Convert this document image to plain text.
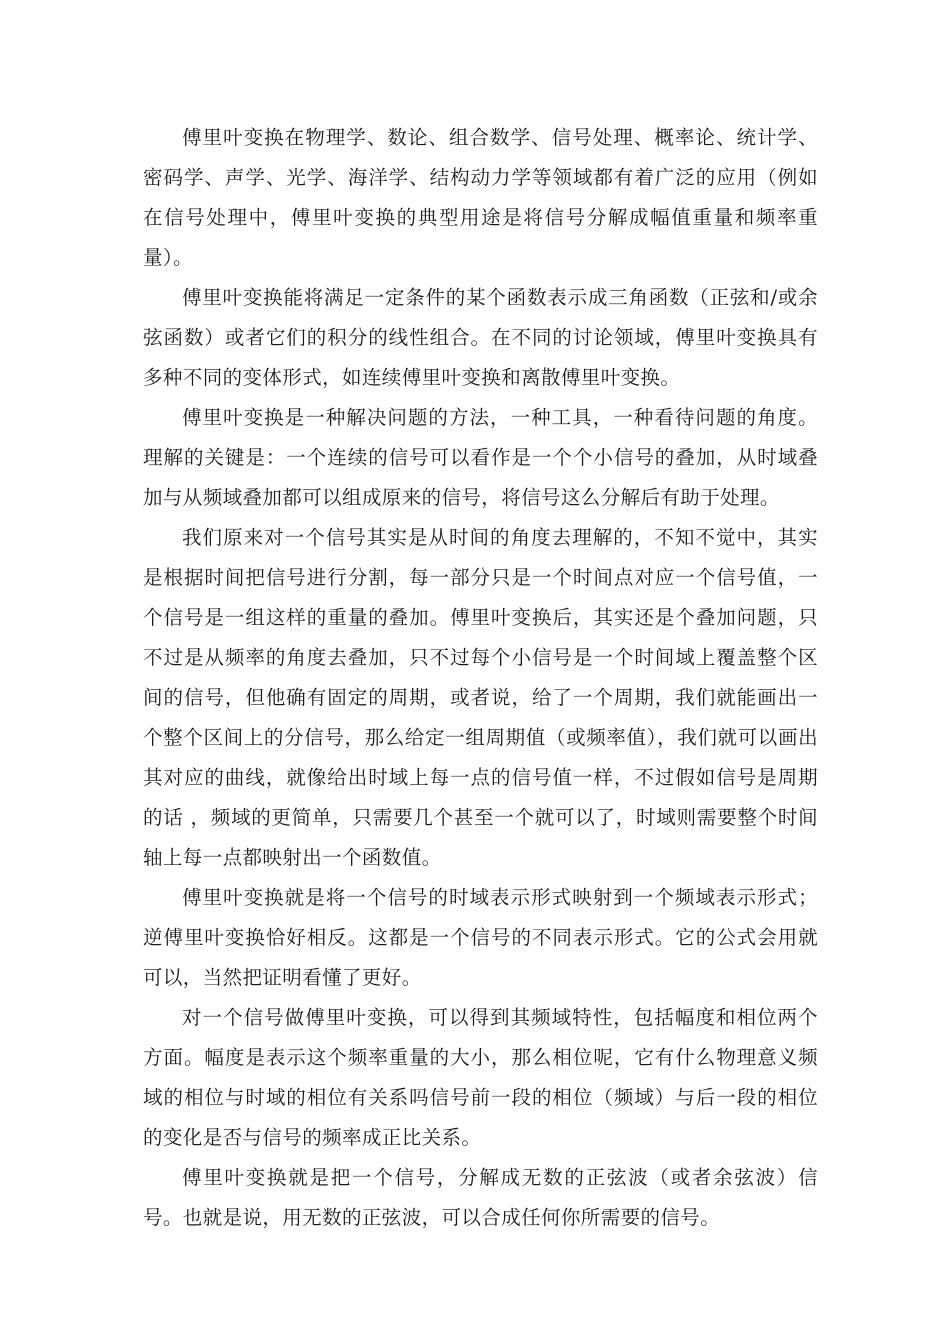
傅里叶变换在物理学、数论、组合数学、信号处理、概率论、统计学、密码学、声学、光学、海洋学、结构动力学等领域都有着广泛的应用（例如在信号处理中，傅里叶变换的典型用途是将信号分解成幅值重量和频率重量）。

傅里叶变换能将满足一定条件的某个函数表示成三角函数（正弦和/或余弦函数）或者它们的积分的线性组合。在不同的讨论领域，傅里叶变换具有多种不同的变体形式，如连续傅里叶变换和离散傅里叶变换。

傅里叶变换是一种解决问题的方法，一种工具，一种看待问题的角度。理解的关键是：一个连续的信号可以看作是一个个小信号的叠加，从时域叠加与从频域叠加都可以组成原来的信号，将信号这么分解后有助于处理。

我们原来对一个信号其实是从时间的角度去理解的，不知不觉中，其实是根据时间把信号进行分割，每一部分只是一个时间点对应一个信号值，一个信号是一组这样的重量的叠加。傅里叶变换后，其实还是个叠加问题，只不过是从频率的角度去叠加，只不过每个小信号是一个时间域上覆盖整个区间的信号，但他确有固定的周期，或者说，给了一个周期，我们就能画出一个整个区间上的分信号，那么给定一组周期值（或频率值），我们就可以画出其对应的曲线，就像给出时域上每一点的信号值一样，不过假如信号是周期的话 ，频域的更简单，只需要几个甚至一个就可以了，时域则需要整个时间轴上每一点都映射出一个函数值。

傅里叶变换就是将一个信号的时域表示形式映射到一个频域表示形式；逆傅里叶变换恰好相反。这都是一个信号的不同表示形式。它的公式会用就可以，当然把证明看懂了更好。

对一个信号做傅里叶变换，可以得到其频域特性，包括幅度和相位两个方面。幅度是表示这个频率重量的大小，那么相位呢，它有什么物理意义频域的相位与时域的相位有关系吗信号前一段的相位（频域）与后一段的相位的变化是否与信号的频率成正比关系。

傅里叶变换就是把一个信号，分解成无数的正弦波（或者余弦波）信号。也就是说，用无数的正弦波，可以合成任何你所需要的信号。
